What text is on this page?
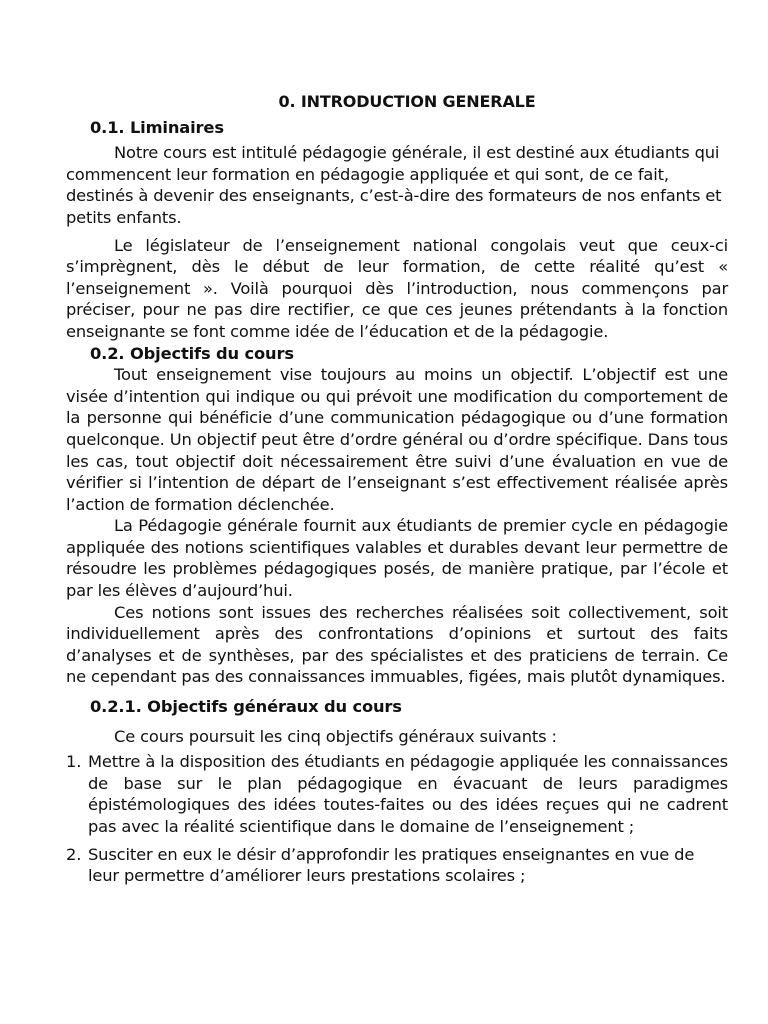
0. INTRODUCTION GENERALE
0.1. Liminaires

Notre cours est intitulé pédagogie générale, il est destiné aux étudiants qui commencent leur formation en pédagogie appliquée et qui sont, de ce fait, destinés à devenir des enseignants, c’est-à-dire des formateurs de nos enfants et petits enfants.

Le législateur de l’enseignement national congolais veut que ceux-ci s’imprègnent, dès le début de leur formation, de cette réalité qu’est « l’enseignement ». Voilà pourquoi dès l’introduction, nous commençons par préciser, pour ne pas dire rectifier, ce que ces jeunes prétendants à la fonction enseignante se font comme idée de l’éducation et de la pédagogie.

0.2. Objectifs du cours

Tout enseignement vise toujours au moins un objectif. L’objectif est une visée d’intention qui indique ou qui prévoit une modification du comportement de la personne qui bénéficie d’une communication pédagogique ou d’une formation quelconque. Un objectif peut être d’ordre général ou d’ordre spécifique. Dans tous les cas, tout objectif doit nécessairement être suivi d’une évaluation en vue de vérifier si l’intention de départ de l’enseignant s’est effectivement réalisée après l’action de formation déclenchée.

La Pédagogie générale fournit aux étudiants de premier cycle en pédagogie appliquée des notions scientifiques valables et durables devant leur permettre de résoudre les problèmes pédagogiques posés, de manière pratique, par l’école et par les élèves d’aujourd’hui.

Ces notions sont issues des recherches réalisées soit collectivement, soit individuellement après des confrontations d’opinions et surtout des faits d’analyses et de synthèses, par des spécialistes et des praticiens de terrain. Ce ne cependant pas des connaissances immuables, figées, mais plutôt dynamiques.

0.2.1. Objectifs généraux du cours

Ce cours poursuit les cinq objectifs généraux suivants :

1. Mettre à la disposition des étudiants en pédagogie appliquée les connaissances de base sur le plan pédagogique en évacuant de leurs paradigmes épistémologiques des idées toutes-faites ou des idées reçues qui ne cadrent pas avec la réalité scientifique dans le domaine de l’enseignement ;
2. Susciter en eux le désir d’approfondir les pratiques enseignantes en vue de leur permettre d’améliorer leurs prestations scolaires ;
